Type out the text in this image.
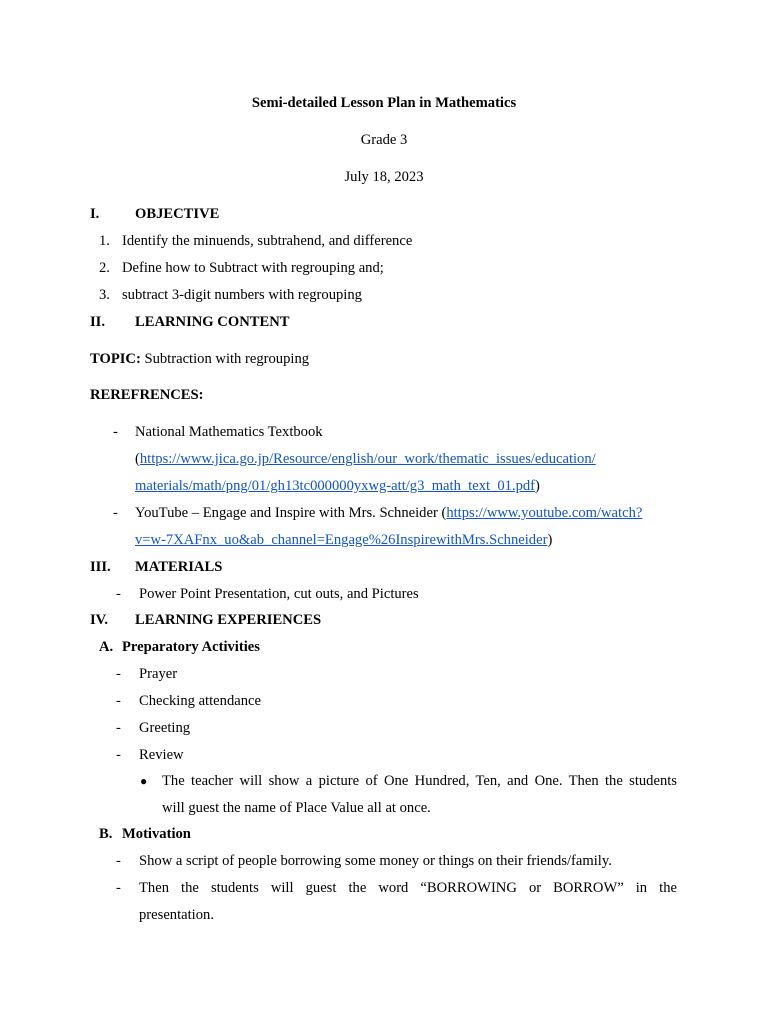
Semi-detailed Lesson Plan in Mathematics
Grade 3
July 18, 2023
I. OBJECTIVE
1. Identify the minuends, subtrahend, and difference
2. Define how to Subtract with regrouping and;
3. subtract 3-digit numbers with regrouping
II. LEARNING CONTENT
TOPIC: Subtraction with regrouping
REREFRENCES:
- National Mathematics Textbook
(https://www.jica.go.jp/Resource/english/our_work/thematic_issues/education/
materials/math/png/01/gh13tc000000yxwg-att/g3_math_text_01.pdf)
- YouTube – Engage and Inspire with Mrs. Schneider (https://www.youtube.com/watch?
v=w-7XAFnx_uo&ab_channel=Engage%26InspirewithMrs.Schneider)
III. MATERIALS
- Power Point Presentation, cut outs, and Pictures
IV. LEARNING EXPERIENCES
A. Preparatory Activities
- Prayer
- Checking attendance
- Greeting
- Review
● The teacher will show a picture of One Hundred, Ten, and One. Then the students
will guest the name of Place Value all at once.
B. Motivation
- Show a script of people borrowing some money or things on their friends/family.
- Then the students will guest the word “BORROWING or BORROW” in the
presentation.
